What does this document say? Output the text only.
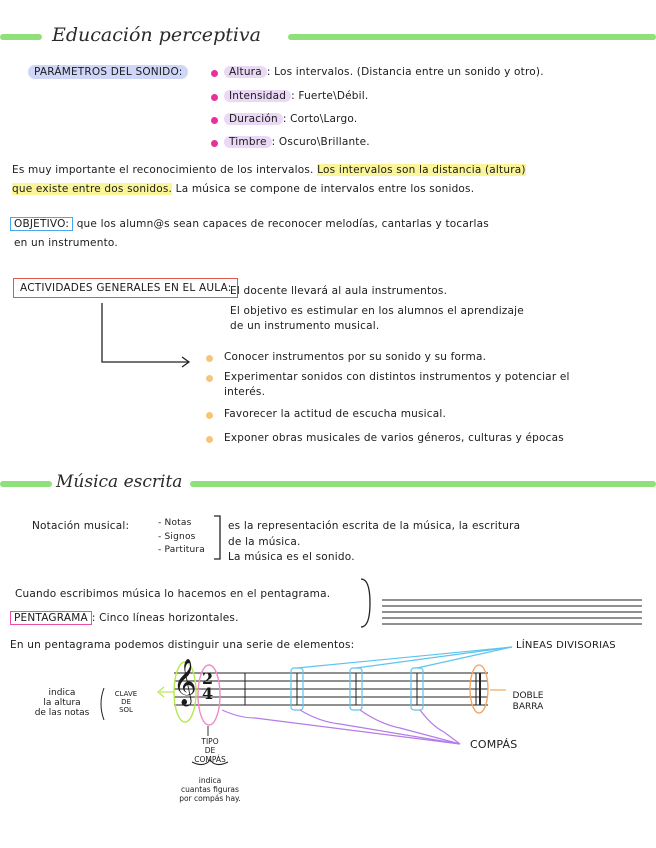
Educación perceptiva
PARÁMETROS DEL SONIDO:	Altura : Los intervalos. (Distancia entre un sonido y otro).
Intensidad : Fuerte\Débil.
Duración : Corto\Largo.
Timbre : Oscuro\Brillante.
Es muy importante el reconocimiento de los intervalos. Los intervalos son la distancia (altura)
que existe entre dos sonidos. La música se compone de intervalos entre los sonidos.
OBJETIVO: que los alumn@s sean capaces de reconocer melodías, cantarlas y tocarlas
en un instrumento.
ACTIVIDADES GENERALES EN EL AULA:
El docente llevará al aula instrumentos.
El objetivo es estimular en los alumnos el aprendizaje
de un instrumento musical.
Conocer instrumentos por su sonido y su forma.
Experimentar sonidos con distintos instrumentos y potenciar el
interés.
Favorecer la actitud de escucha musical.
Exponer obras musicales de varios géneros, culturas y épocas
Música escrita
Notación musical:	- Notas
- Signos
- Partitura
es la representación escrita de la música, la escritura
de la música.
La música es el sonido.
Cuando escribimos música lo hacemos en el pentagrama.
PENTAGRAMA : Cinco líneas horizontales.
En un pentagrama podemos distinguir una serie de elementos:	LÍNEAS DIVISORIAS
𝄞 2
4
indica
la altura
de las notas
CLAVE
DE
SOL
TIPO
DE
COMPÁS
indica
cuantas figuras
por compás hay.
DOBLE
BARRA
COMPÁS
